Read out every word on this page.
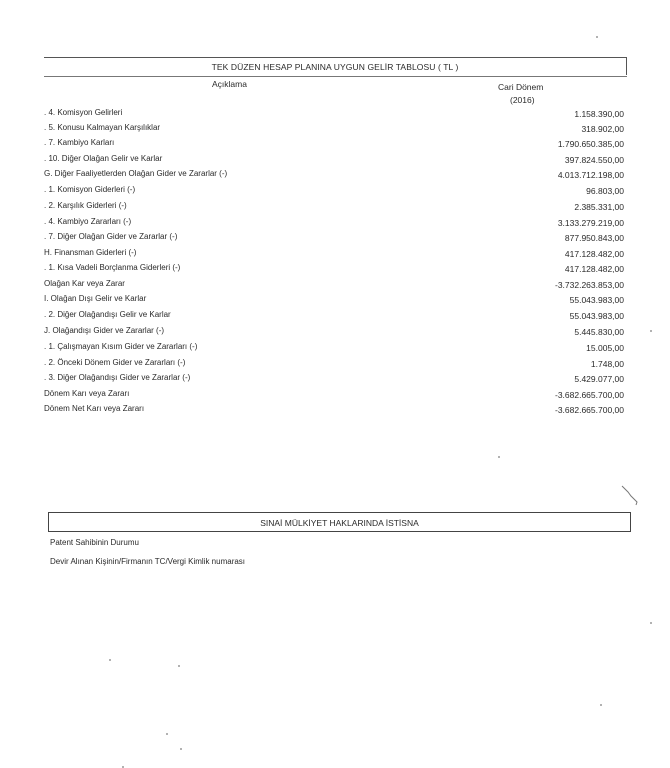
TEK DÜZEN HESAP PLANINA UYGUN GELİR TABLOSU ( TL )
Açıklama	Cari Dönem
(2016)
. 4. Komisyon Gelirleri	1.158.390,00
. 5. Konusu Kalmayan Karşılıklar	318.902,00
. 7. Kambiyo Karları	1.790.650.385,00
. 10. Diğer Olağan Gelir ve Karlar	397.824.550,00
G. Diğer Faaliyetlerden Olağan Gider ve Zararlar (-)	4.013.712.198,00
. 1. Komisyon Giderleri (-)	96.803,00
. 2. Karşılık Giderleri (-)	2.385.331,00
. 4. Kambiyo Zararları (-)	3.133.279.219,00
. 7. Diğer Olağan Gider ve Zararlar (-)	877.950.843,00
H. Finansman Giderleri (-)	417.128.482,00
. 1. Kısa Vadeli Borçlanma Giderleri (-)	417.128.482,00
Olağan Kar veya Zarar	-3.732.263.853,00
I. Olağan Dışı Gelir ve Karlar	55.043.983,00
. 2. Diğer Olağandışı Gelir ve Karlar	55.043.983,00
J. Olağandışı Gider ve Zararlar (-)	5.445.830,00
. 1. Çalışmayan Kısım Gider ve Zararları (-)	15.005,00
. 2. Önceki Dönem Gider ve Zararları (-)	1.748,00
. 3. Diğer Olağandışı Gider ve Zararlar (-)	5.429.077,00
Dönem Karı veya Zararı	-3.682.665.700,00
Dönem Net Karı veya Zararı	-3.682.665.700,00
SINAİ MÜLKİYET HAKLARINDA İSTİSNA
Patent Sahibinin Durumu
Devir Alınan Kişinin/Firmanın TC/Vergi Kimlik numarası
